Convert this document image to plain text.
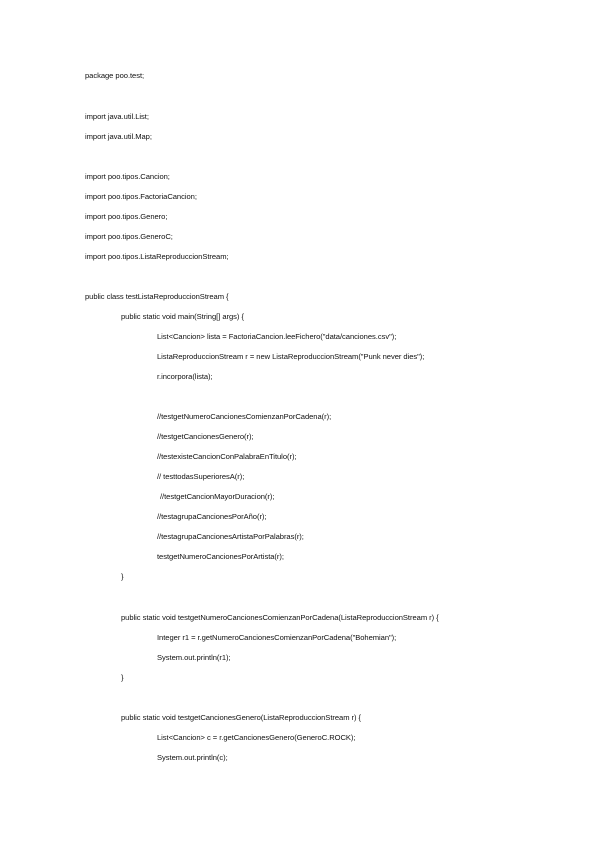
package poo.test;
import java.util.List;
import java.util.Map;
import poo.tipos.Cancion;
import poo.tipos.FactoriaCancion;
import poo.tipos.Genero;
import poo.tipos.GeneroC;
import poo.tipos.ListaReproduccionStream;
public class testListaReproduccionStream {
public static void main(String[] args) {
List<Cancion> lista = FactoriaCancion.leeFichero("data/canciones.csv");
ListaReproduccionStream r = new ListaReproduccionStream("Punk never dies");
r.incorpora(lista);
//testgetNumeroCancionesComienzanPorCadena(r);
//testgetCancionesGenero(r);
//testexisteCancionConPalabraEnTitulo(r);
// testtodasSuperioresA(r);
//testgetCancionMayorDuracion(r);
//testagrupaCancionesPorAño(r);
//testagrupaCancionesArtistaPorPalabras(r);
testgetNumeroCancionesPorArtista(r);
}
public static void testgetNumeroCancionesComienzanPorCadena(ListaReproduccionStream r) {
Integer r1 = r.getNumeroCancionesComienzanPorCadena("Bohemian");
System.out.println(r1);
}
public static void testgetCancionesGenero(ListaReproduccionStream r) {
List<Cancion> c = r.getCancionesGenero(GeneroC.ROCK);
System.out.println(c);
